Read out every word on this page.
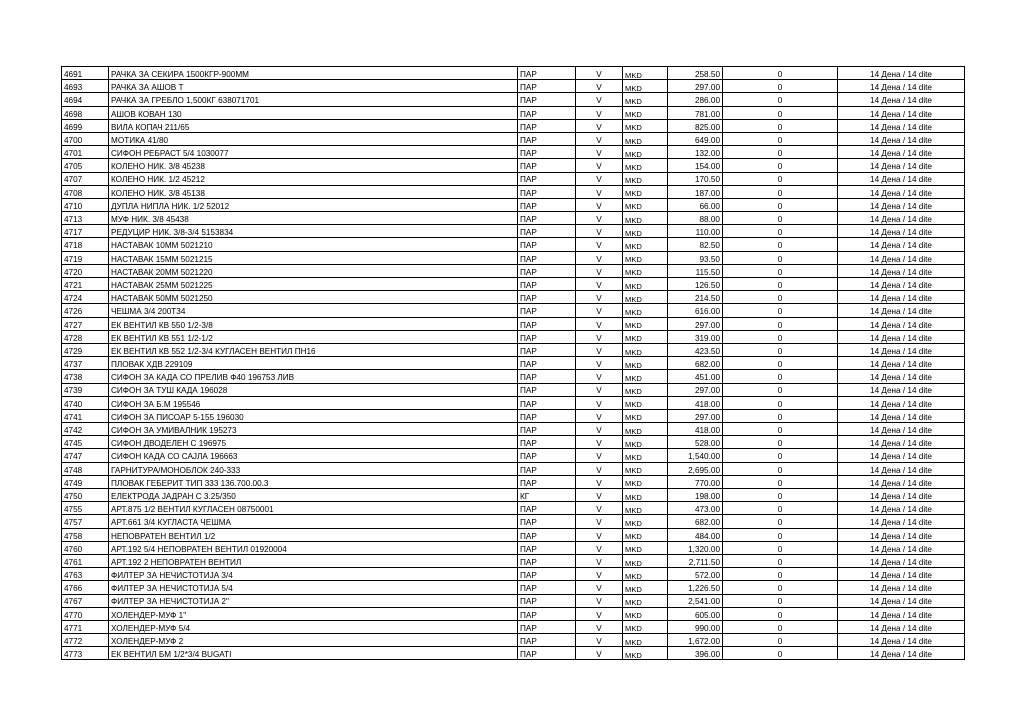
4691	РАЧКА ЗА СЕКИРА 1500КГР-900ММ	ПАР	V	MKD	258.50	0	14 Дена / 14 dite
4693	РАЧКА ЗА АШОВ Т	ПАР	V	MKD	297.00	0	14 Дена / 14 dite
4694	РАЧКА ЗА ГРЕБЛО 1,500КГ 638071701	ПАР	V	MKD	286.00	0	14 Дена / 14 dite
4698	АШОВ КОВАН 130	ПАР	V	MKD	781.00	0	14 Дена / 14 dite
4699	ВИЛА КОПАЧ 211/65	ПАР	V	MKD	825.00	0	14 Дена / 14 dite
4700	МОТИКА 41/80	ПАР	V	MKD	649.00	0	14 Дена / 14 dite
4701	СИФОН РЕБРАСТ 5/4 1030077	ПАР	V	MKD	132.00	0	14 Дена / 14 dite
4705	КОЛЕНО НИК. 3/8 45238	ПАР	V	MKD	154.00	0	14 Дена / 14 dite
4707	КОЛЕНО НИК. 1/2 45212	ПАР	V	MKD	170.50	0	14 Дена / 14 dite
4708	КОЛЕНО НИК. 3/8 45138	ПАР	V	MKD	187.00	0	14 Дена / 14 dite
4710	ДУПЛА НИПЛА НИК. 1/2 52012	ПАР	V	MKD	66.00	0	14 Дена / 14 dite
4713	МУФ НИК. 3/8 45438	ПАР	V	MKD	88.00	0	14 Дена / 14 dite
4717	РЕДУЦИР НИК. 3/8-3/4 5153834	ПАР	V	MKD	110.00	0	14 Дена / 14 dite
4718	НАСТАВАК 10ММ 5021210	ПАР	V	MKD	82.50	0	14 Дена / 14 dite
4719	НАСТАВАК 15ММ 5021215	ПАР	V	MKD	93.50	0	14 Дена / 14 dite
4720	НАСТАВАК 20ММ 5021220	ПАР	V	MKD	115.50	0	14 Дена / 14 dite
4721	НАСТАВАК 25ММ 5021225	ПАР	V	MKD	126.50	0	14 Дена / 14 dite
4724	НАСТАВАК 50ММ 5021250	ПАР	V	MKD	214.50	0	14 Дена / 14 dite
4726	ЧЕШМА 3/4 200Т34	ПАР	V	MKD	616.00	0	14 Дена / 14 dite
4727	ЕК ВЕНТИЛ КВ 550 1/2-3/8	ПАР	V	MKD	297.00	0	14 Дена / 14 dite
4728	ЕК ВЕНТИЛ КВ 551 1/2-1/2	ПАР	V	MKD	319.00	0	14 Дена / 14 dite
4729	ЕК ВЕНТИЛ КВ 552 1/2-3/4 КУГЛАСЕН ВЕНТИЛ ПН16	ПАР	V	MKD	423.50	0	14 Дена / 14 dite
4737	ПЛОВАК ХДВ 229109	ПАР	V	MKD	682.00	0	14 Дена / 14 dite
4738	СИФОН ЗА КАДА СО ПРЕЛИВ Ф40 196753 ЛИВ	ПАР	V	MKD	451.00	0	14 Дена / 14 dite
4739	СИФОН ЗА ТУШ КАДА 196028	ПАР	V	MKD	297.00	0	14 Дена / 14 dite
4740	СИФОН ЗА Б.М 195546	ПАР	V	MKD	418.00	0	14 Дена / 14 dite
4741	СИФОН ЗА ПИСОАР 5-155 196030	ПАР	V	MKD	297.00	0	14 Дена / 14 dite
4742	СИФОН ЗА УМИВАЛНИК 195273	ПАР	V	MKD	418.00	0	14 Дена / 14 dite
4745	СИФОН ДВОДЕЛЕН С 196975	ПАР	V	MKD	528.00	0	14 Дена / 14 dite
4747	СИФОН КАДА СО САЈЛА 196663	ПАР	V	MKD	1,540.00	0	14 Дена / 14 dite
4748	ГАРНИТУРА/МОНОБЛОК 240-333	ПАР	V	MKD	2,695.00	0	14 Дена / 14 dite
4749	ПЛОВАК ГЕБЕРИТ ТИП 333 136.700.00.3	ПАР	V	MKD	770.00	0	14 Дена / 14 dite
4750	ЕЛЕКТРОДА ЈАДРАН С 3.25/350	КГ	V	MKD	198.00	0	14 Дена / 14 dite
4755	АРТ.875 1/2 ВЕНТИЛ КУГЛАСЕН 08750001	ПАР	V	MKD	473.00	0	14 Дена / 14 dite
4757	АРТ.661 3/4 КУГЛАСТА ЧЕШМА	ПАР	V	MKD	682.00	0	14 Дена / 14 dite
4758	НЕПОВРАТЕН ВЕНТИЛ 1/2	ПАР	V	MKD	484.00	0	14 Дена / 14 dite
4760	АРТ.192 5/4 НЕПОВРАТЕН ВЕНТИЛ 01920004	ПАР	V	MKD	1,320.00	0	14 Дена / 14 dite
4761	АРТ.192 2 НЕПОВРАТЕН ВЕНТИЛ	ПАР	V	MKD	2,711.50	0	14 Дена / 14 dite
4763	ФИЛТЕР ЗА НЕЧИСТОТИЈА 3/4	ПАР	V	MKD	572.00	0	14 Дена / 14 dite
4766	ФИЛТЕР ЗА НЕЧИСТОТИЈА 5/4	ПАР	V	MKD	1,226.50	0	14 Дена / 14 dite
4767	ФИЛТЕР ЗА НЕЧИСТОТИЈА 2"	ПАР	V	MKD	2,541.00	0	14 Дена / 14 dite
4770	ХОЛЕНДЕР-МУФ 1"	ПАР	V	MKD	605.00	0	14 Дена / 14 dite
4771	ХОЛЕНДЕР-МУФ 5/4	ПАР	V	MKD	990.00	0	14 Дена / 14 dite
4772	ХОЛЕНДЕР-МУФ 2	ПАР	V	MKD	1,672.00	0	14 Дена / 14 dite
4773	ЕК ВЕНТИЛ БМ 1/2*3/4 BUGATI	ПАР	V	MKD	396.00	0	14 Дена / 14 dite
